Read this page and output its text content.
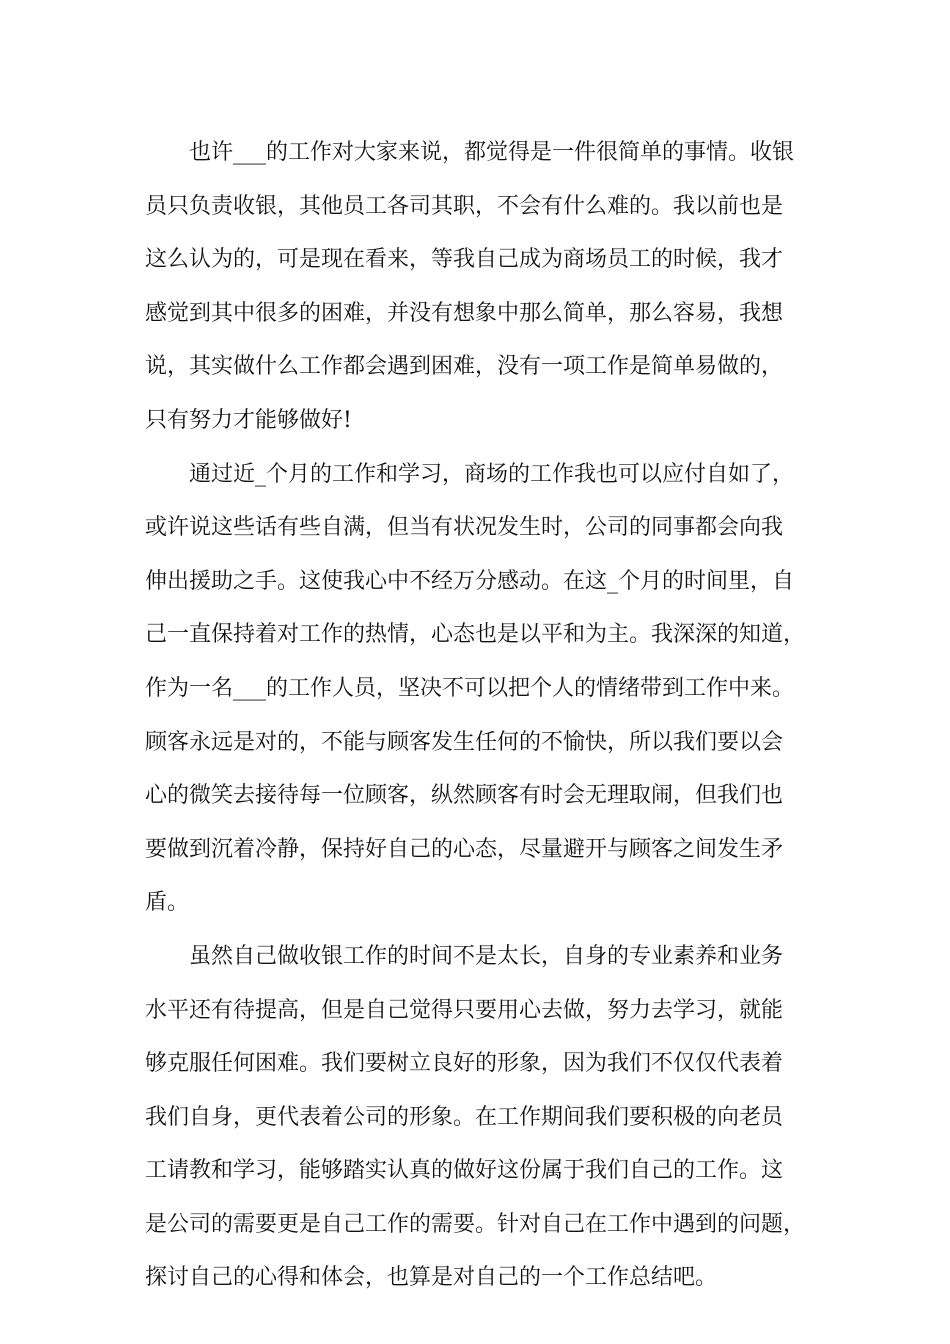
也许___的工作对大家来说，都觉得是一件很简单的事情。收银
员只负责收银，其他员工各司其职，不会有什么难的。我以前也是
这么认为的，可是现在看来，等我自己成为商场员工的时候，我才
感觉到其中很多的困难，并没有想象中那么简单，那么容易，我想
说，其实做什么工作都会遇到困难，没有一项工作是简单易做的，
只有努力才能够做好!
通过近_个月的工作和学习，商场的工作我也可以应付自如了，
或许说这些话有些自满，但当有状况发生时，公司的同事都会向我
伸出援助之手。这使我心中不经万分感动。在这_个月的时间里，自
己一直保持着对工作的热情，心态也是以平和为主。我深深的知道，
作为一名___的工作人员，坚决不可以把个人的情绪带到工作中来。
顾客永远是对的，不能与顾客发生任何的不愉快，所以我们要以会
心的微笑去接待每一位顾客，纵然顾客有时会无理取闹，但我们也
要做到沉着冷静，保持好自己的心态，尽量避开与顾客之间发生矛
盾。
虽然自己做收银工作的时间不是太长，自身的专业素养和业务
水平还有待提高，但是自己觉得只要用心去做，努力去学习，就能
够克服任何困难。我们要树立良好的形象，因为我们不仅仅代表着
我们自身，更代表着公司的形象。在工作期间我们要积极的向老员
工请教和学习，能够踏实认真的做好这份属于我们自己的工作。这
是公司的需要更是自己工作的需要。针对自己在工作中遇到的问题，
探讨自己的心得和体会，也算是对自己的一个工作总结吧。
